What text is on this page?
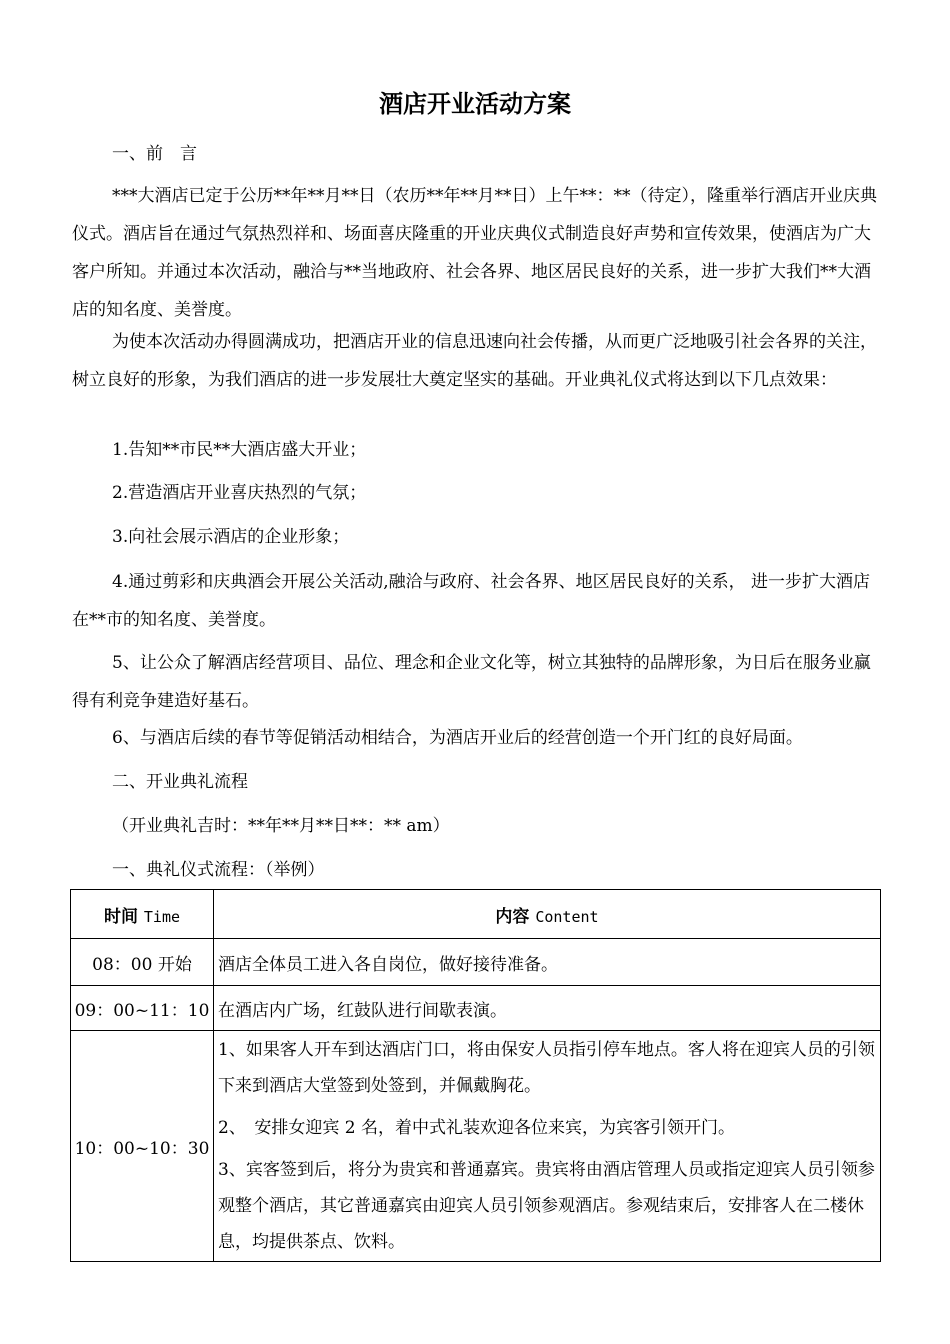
酒店开业活动方案

一、前　言

***大酒店已定于公历**年**月**日（农历**年**月**日）上午**：**（待定），隆重举行酒店开业庆典仪式。酒店旨在通过气氛热烈祥和、场面喜庆隆重的开业庆典仪式制造良好声势和宣传效果，使酒店为广大客户所知。并通过本次活动，融洽与**当地政府、社会各界、地区居民良好的关系，进一步扩大我们**大酒店的知名度、美誉度。

为使本次活动办得圆满成功，把酒店开业的信息迅速向社会传播，从而更广泛地吸引社会各界的关注，树立良好的形象，为我们酒店的进一步发展壮大奠定坚实的基础。开业典礼仪式将达到以下几点效果：

1.告知**市民**大酒店盛大开业；

2.营造酒店开业喜庆热烈的气氛；

3.向社会展示酒店的企业形象；

4.通过剪彩和庆典酒会开展公关活动,融洽与政府、社会各界、地区居民良好的关系， 进一步扩大酒店在**市的知名度、美誉度。

5、让公众了解酒店经营项目、品位、理念和企业文化等，树立其独特的品牌形象，为日后在服务业赢得有利竞争建造好基石。

6、与酒店后续的春节等促销活动相结合，为酒店开业后的经营创造一个开门红的良好局面。

二、开业典礼流程

（开业典礼吉时：**年**月**日**：** am）

一、典礼仪式流程：（举例）

时间 Time	内容 Content
08：00 开始	酒店全体员工进入各自岗位，做好接待准备。
09：00~11：10	在酒店内广场，红鼓队进行间歇表演。
10：00~10：30	1、如果客人开车到达酒店门口，将由保安人员指引停车地点。客人将在迎宾人员的引领下来到酒店大堂签到处签到，并佩戴胸花。

2、　安排女迎宾 2 名，着中式礼装欢迎各位来宾，为宾客引领开门。

3、宾客签到后，将分为贵宾和普通嘉宾。贵宾将由酒店管理人员或指定迎宾人员引领参观整个酒店，其它普通嘉宾由迎宾人员引领参观酒店。参观结束后，安排客人在二楼休息，均提供茶点、饮料。
